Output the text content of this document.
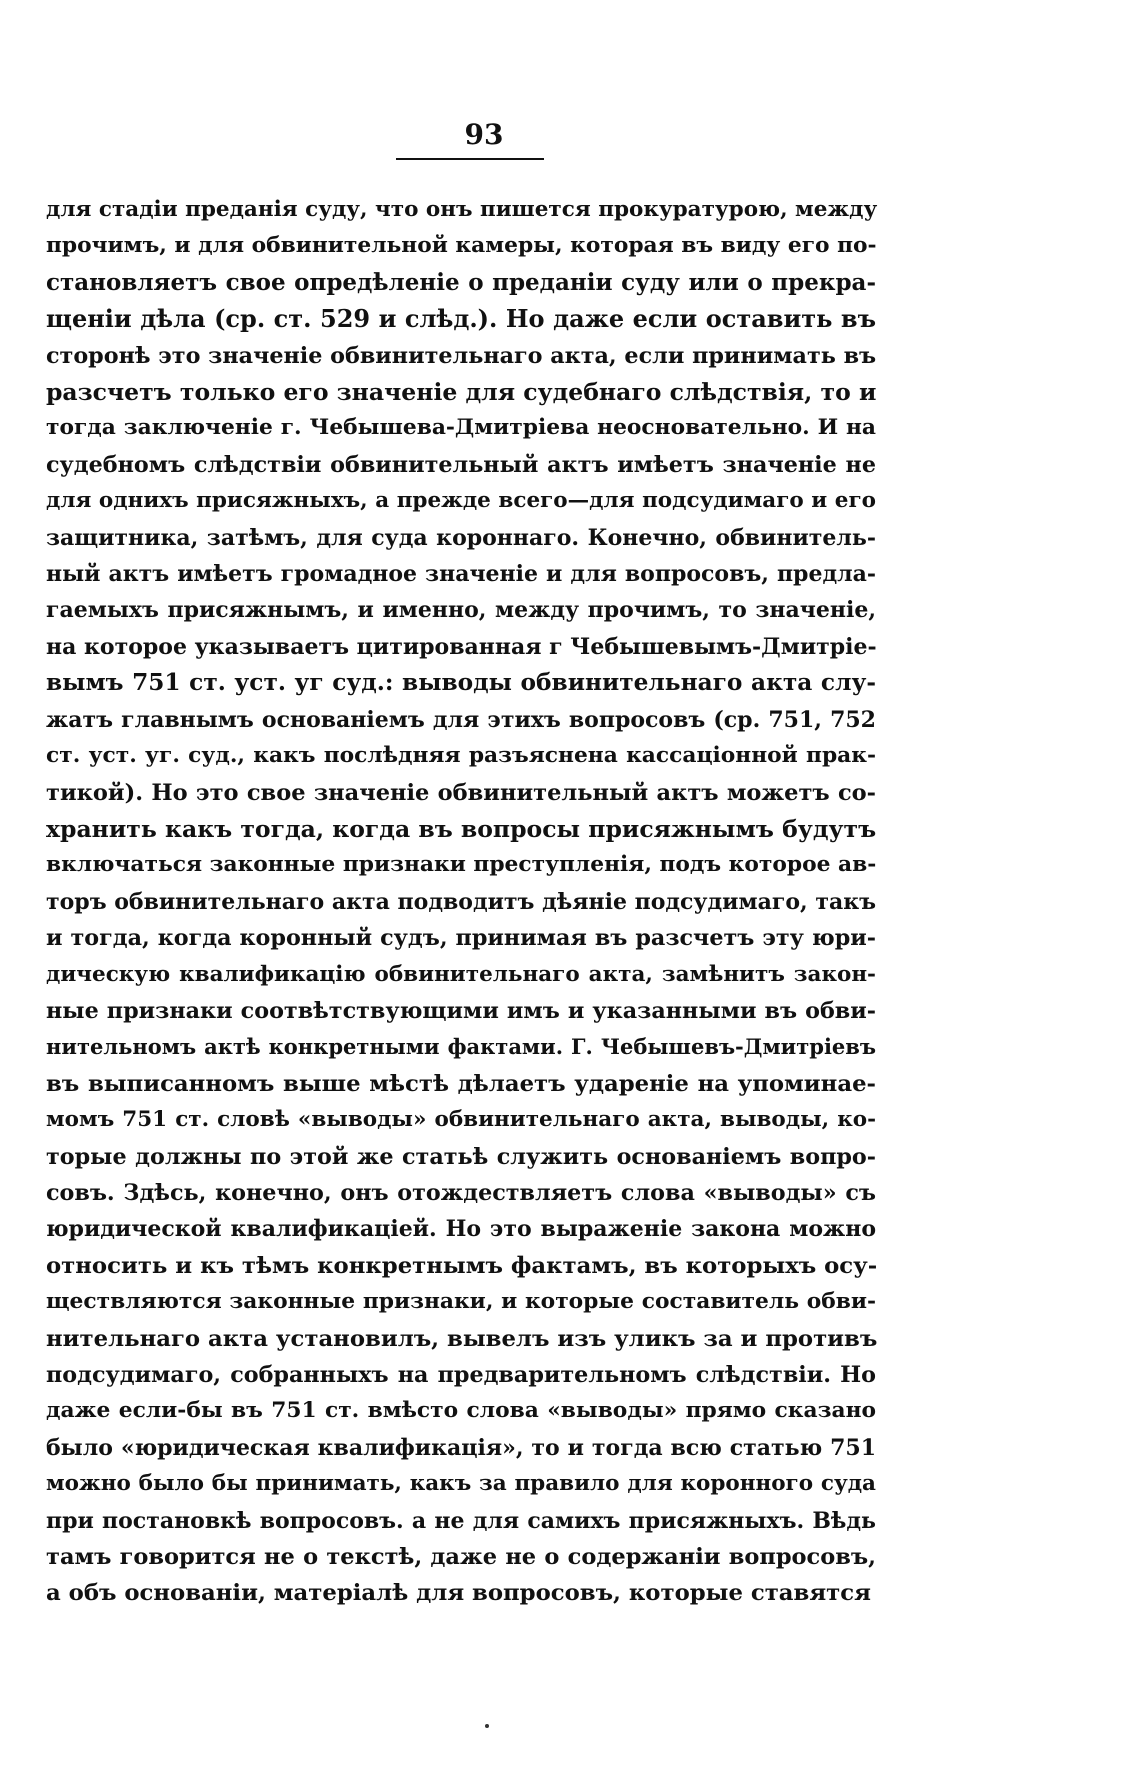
93
для стадіи преданія суду, что онъ пишется прокуратурою, между
прочимъ, и для обвинительной камеры, которая въ виду его по-
становляетъ свое опредѣленіе о преданіи суду или о прекра-
щеніи дѣла (ср. ст. 529 и слѣд.). Но даже если оставить въ
сторонѣ это значеніе обвинительнаго акта, если принимать въ
разсчетъ только его значеніе для судебнаго слѣдствія, то и
тогда заключеніе г. Чебышева-Дмитріева неосновательно. И на
судебномъ слѣдствіи обвинительный актъ имѣетъ значеніе не
для однихъ присяжныхъ, а прежде всего—для подсудимаго и его
защитника, затѣмъ, для суда короннаго. Конечно, обвинитель-
ный актъ имѣетъ громадное значеніе и для вопросовъ, предла-
гаемыхъ присяжнымъ, и именно, между прочимъ, то значеніе,
на которое указываетъ цитированная г Чебышевымъ-Дмитріе-
вымъ 751 ст. уст. уг суд.: выводы обвинительнаго акта слу-
жатъ главнымъ основаніемъ для этихъ вопросовъ (ср. 751, 752
ст. уст. уг. суд., какъ послѣдняя разъяснена кассаціонной прак-
тикой). Но это свое значеніе обвинительный актъ можетъ со-
хранить какъ тогда, когда въ вопросы присяжнымъ будутъ
включаться законные признаки преступленія, подъ которое ав-
торъ обвинительнаго акта подводитъ дѣяніе подсудимаго, такъ
и тогда, когда коронный судъ, принимая въ разсчетъ эту юри-
дическую квалификацію обвинительнаго акта, замѣнитъ закон-
ные признаки соотвѣтствующими имъ и указанными въ обви-
нительномъ актѣ конкретными фактами. Г. Чебышевъ-Дмитріевъ
въ выписанномъ выше мѣстѣ дѣлаетъ удареніе на упоминае-
момъ 751 ст. словѣ «выводы» обвинительнаго акта, выводы, ко-
торые должны по этой же статьѣ служить основаніемъ вопро-
совъ. Здѣсь, конечно, онъ отождествляетъ слова «выводы» съ
юридической квалификаціей. Но это выраженіе закона можно
относить и къ тѣмъ конкретнымъ фактамъ, въ которыхъ осу-
ществляются законные признаки, и которые составитель обви-
нительнаго акта установилъ, вывелъ изъ уликъ за и противъ
подсудимаго, собранныхъ на предварительномъ слѣдствіи. Но
даже если-бы въ 751 ст. вмѣсто слова «выводы» прямо сказано
было «юридическая квалификація», то и тогда всю статью 751
можно было бы принимать, какъ за правило для коронного суда
при постановкѣ вопросовъ. а не для самихъ присяжныхъ. Вѣдь
тамъ говорится не о текстѣ, даже не о содержаніи вопросовъ,
а объ основаніи, матеріалѣ для вопросовъ, которые ставятся
